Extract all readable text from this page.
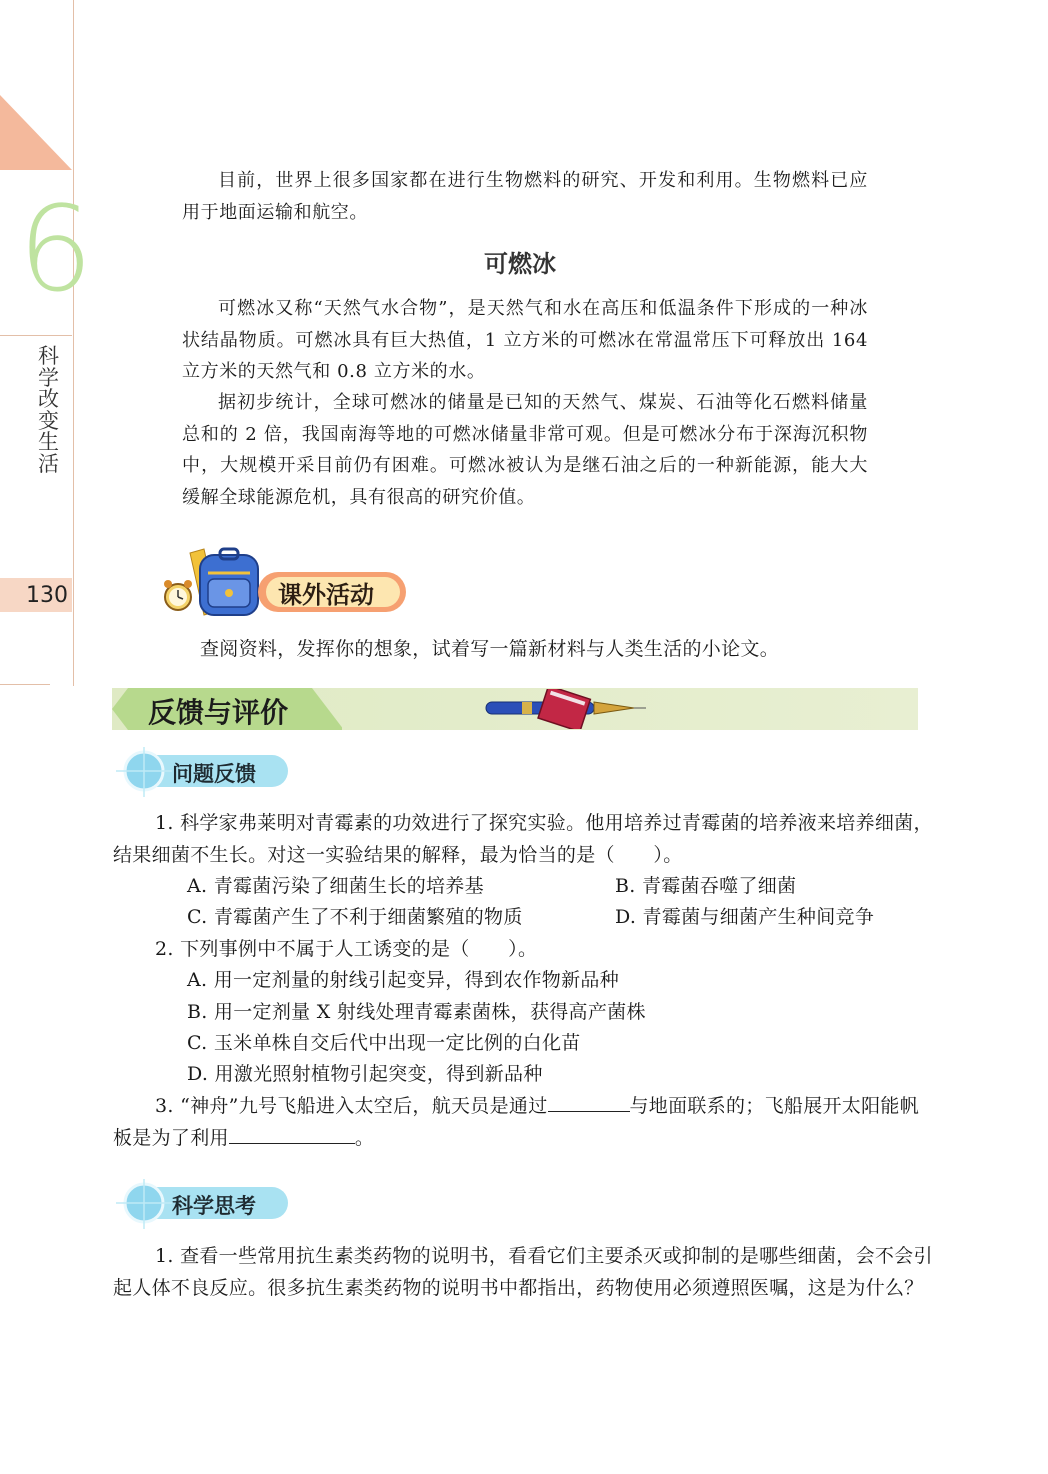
6
科学改变生活
130
目前，世界上很多国家都在进行生物燃料的研究、开发和利用。生物燃料已应用于地面运输和航空。
可燃冰
可燃冰又称“天然气水合物”，是天然气和水在高压和低温条件下形成的一种冰状结晶物质。可燃冰具有巨大热值，1 立方米的可燃冰在常温常压下可释放出 164 立方米的天然气和 0.8 立方米的水。
据初步统计，全球可燃冰的储量是已知的天然气、煤炭、石油等化石燃料储量总和的 2 倍，我国南海等地的可燃冰储量非常可观。但是可燃冰分布于深海沉积物中，大规模开采目前仍有困难。可燃冰被认为是继石油之后的一种新能源，能大大缓解全球能源危机，具有很高的研究价值。
课外活动
查阅资料，发挥你的想象，试着写一篇新材料与人类生活的小论文。
反馈与评价
问题反馈
1. 科学家弗莱明对青霉素的功效进行了探究实验。他用培养过青霉菌的培养液来培养细菌，结果细菌不生长。对这一实验结果的解释，最为恰当的是（　　）。
A. 青霉菌污染了细菌生长的培养基	B. 青霉菌吞噬了细菌
C. 青霉菌产生了不利于细菌繁殖的物质	D. 青霉菌与细菌产生种间竞争
2. 下列事例中不属于人工诱变的是（　　）。
A. 用一定剂量的射线引起变异，得到农作物新品种
B. 用一定剂量 X 射线处理青霉素菌株，获得高产菌株
C. 玉米单株自交后代中出现一定比例的白化苗
D. 用激光照射植物引起突变，得到新品种
3. “神舟”九号飞船进入太空后，航天员是通过	与地面联系的；飞船展开太阳能帆板是为了利用	。
科学思考
1. 查看一些常用抗生素类药物的说明书，看看它们主要杀灭或抑制的是哪些细菌，会不会引起人体不良反应。很多抗生素类药物的说明书中都指出，药物使用必须遵照医嘱，这是为什么？
